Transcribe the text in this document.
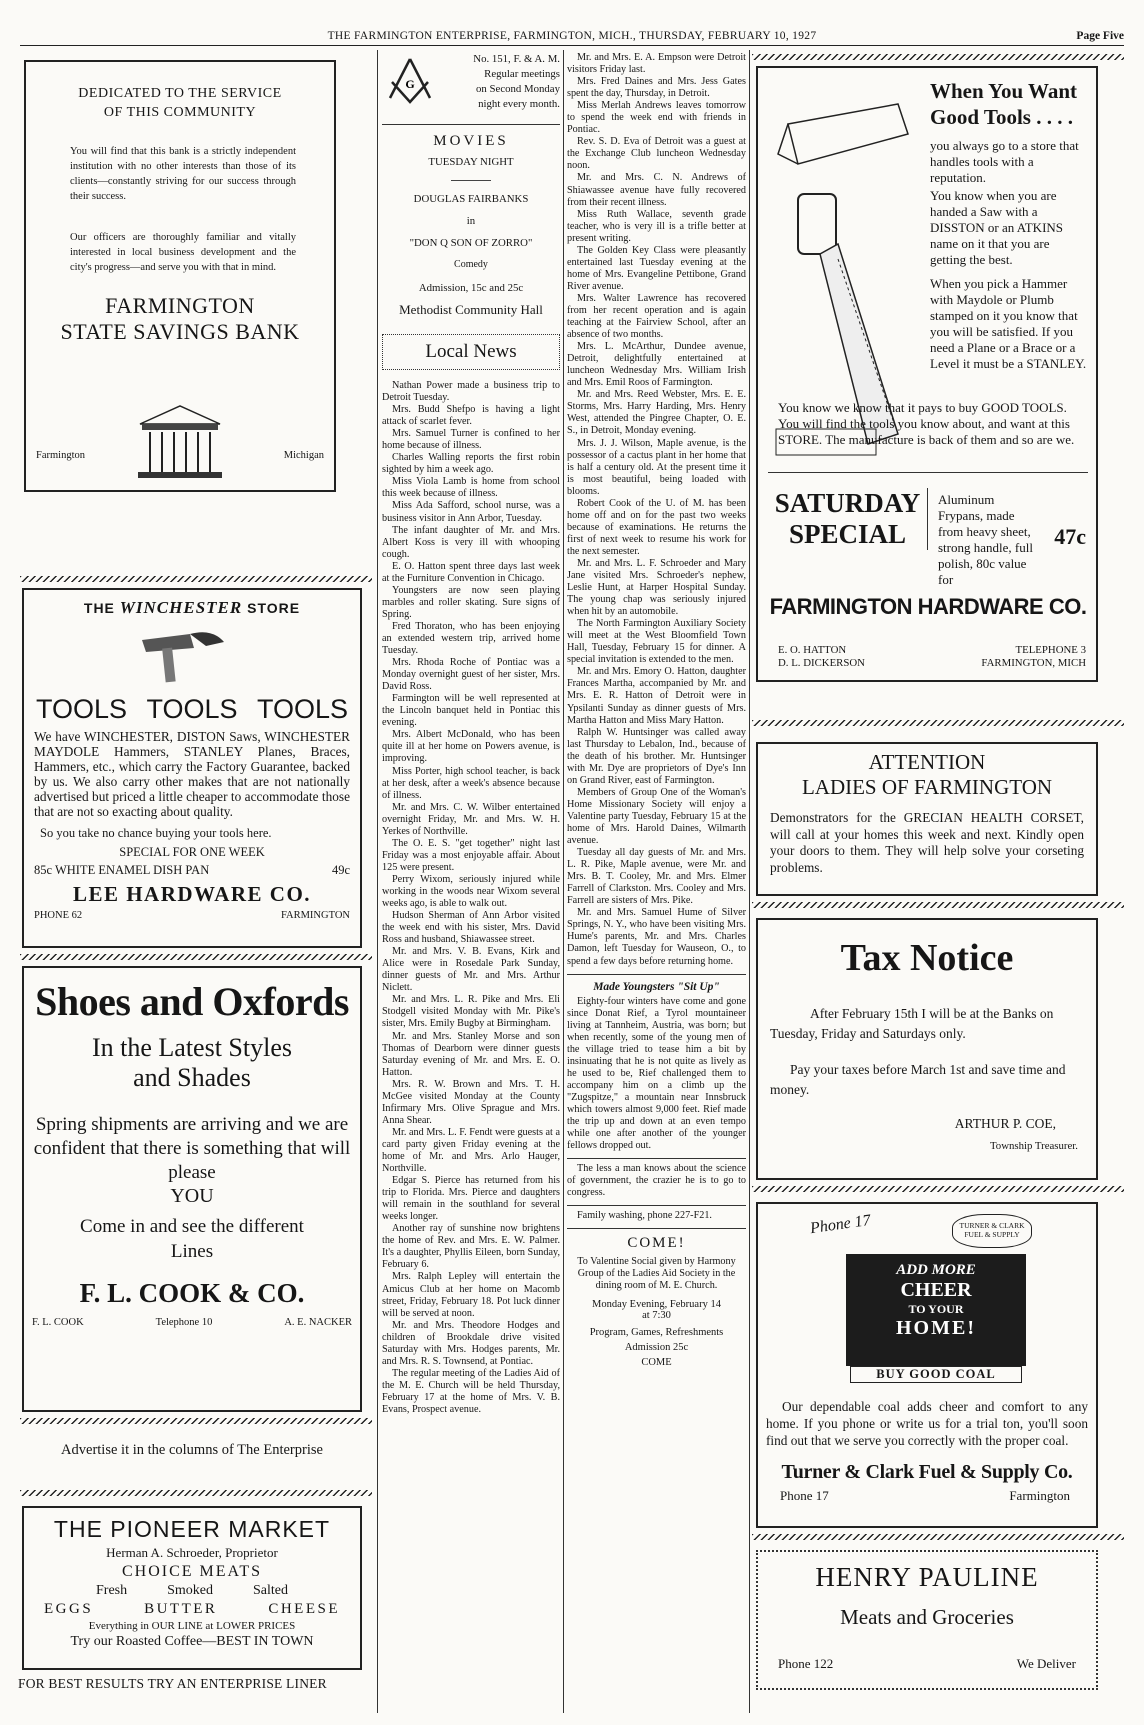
THE FARMINGTON ENTERPRISE, FARMINGTON, MICH., THURSDAY, FEBRUARY 10, 1927	Page Five
DEDICATED TO THE SERVICE OF THIS COMMUNITY
You will find that this bank is a strictly independent institution with no other interests than those of its clients—constantly striving for our success through their success.
Our officers are thoroughly familiar and vitally interested in local business development and the city's progress—and serve you with that in mind.
FARMINGTON
STATE SAVINGS BANK
Farmington	Michigan
THE WINCHESTER STORE
TOOLS TOOLS TOOLS
We have WINCHESTER, DISTON Saws, WINCHESTER MAYDOLE Hammers, STANLEY Planes, Braces, Hammers, etc., which carry the Factory Guarantee, backed by us. We also carry other makes that are not nationally advertised but priced a little cheaper to accommodate those that are not so exacting about quality.
So you take no chance buying your tools here.
SPECIAL FOR ONE WEEK
85c WHITE ENAMEL DISH PAN	49c
LEE HARDWARE CO.
PHONE 62	FARMINGTON
Shoes and Oxfords
In the Latest Styles
and Shades
Spring shipments are arriving and we are confident that there is something that will please
YOU
Come in and see the different Lines
F. L. COOK & CO.
F. L. COOK	Telephone 10	A. E. NACKER
Advertise it in the columns of The Enterprise
THE PIONEER MARKET
Herman A. Schroeder, Proprietor
CHOICE MEATS
Fresh	Smoked	Salted
EGGS	BUTTER	CHEESE
Everything in OUR LINE at LOWER PRICES
Try our Roasted Coffee—BEST IN TOWN
FOR BEST RESULTS TRY AN ENTERPRISE LINER
G
No. 151, F. & A. M.
Regular meetings
on Second Monday
night every month.
MOVIES
TUESDAY NIGHT
DOUGLAS FAIRBANKS
in
"DON Q SON OF ZORRO"
Comedy
Admission, 15c and 25c
Methodist Community Hall
Local News

Nathan Power made a business trip to Detroit Tuesday.

Mrs. Budd Shefpo is having a light attack of scarlet fever.

Mrs. Samuel Turner is confined to her home because of illness.

Charles Walling reports the first robin sighted by him a week ago.

Miss Viola Lamb is home from school this week because of illness.

Miss Ada Safford, school nurse, was a business visitor in Ann Arbor, Tuesday.

The infant daughter of Mr. and Mrs. Albert Koss is very ill with whooping cough.

E. O. Hatton spent three days last week at the Furniture Convention in Chicago.

Youngsters are now seen playing marbles and roller skating. Sure signs of Spring.

Fred Thoraton, who has been enjoying an extended western trip, arrived home Tuesday.

Mrs. Rhoda Roche of Pontiac was a Monday overnight guest of her sister, Mrs. David Ross.

Farmington will be well represented at the Lincoln banquet held in Pontiac this evening.

Mrs. Albert McDonald, who has been quite ill at her home on Powers avenue, is improving.

Miss Porter, high school teacher, is back at her desk, after a week's absence because of illness.

Mr. and Mrs. C. W. Wilber entertained overnight Friday, Mr. and Mrs. W. H. Yerkes of Northville.

The O. E. S. "get together" night last Friday was a most enjoyable affair. About 125 were present.

Perry Wixom, seriously injured while working in the woods near Wixom several weeks ago, is able to walk out.

Hudson Sherman of Ann Arbor visited the week end with his sister, Mrs. David Ross and husband, Shiawassee street.

Mr. and Mrs. V. B. Evans, Kirk and Alice were in Rosedale Park Sunday, dinner guests of Mr. and Mrs. Arthur Niclett.

Mr. and Mrs. L. R. Pike and Mrs. Eli Stodgell visited Monday with Mr. Pike's sister, Mrs. Emily Bugby at Birmingham.

Mr. and Mrs. Stanley Morse and son Thomas of Dearborn were dinner guests Saturday evening of Mr. and Mrs. E. O. Hatton.

Mrs. R. W. Brown and Mrs. T. H. McGee visited Monday at the County Infirmary Mrs. Olive Sprague and Mrs. Anna Shear.

Mr. and Mrs. L. F. Fendt were guests at a card party given Friday evening at the home of Mr. and Mrs. Arlo Hauger, Northville.

Edgar S. Pierce has returned from his trip to Florida. Mrs. Pierce and daughters will remain in the southland for several weeks longer.

Another ray of sunshine now brightens the home of Rev. and Mrs. E. W. Palmer. It's a daughter, Phyllis Eileen, born Sunday, February 6.

Mrs. Ralph Lepley will entertain the Amicus Club at her home on Macomb street, Friday, February 18. Pot luck dinner will be served at noon.

Mr. and Mrs. Theodore Hodges and children of Brookdale drive visited Saturday with Mrs. Hodges parents, Mr. and Mrs. R. S. Townsend, at Pontiac.

The regular meeting of the Ladies Aid of the M. E. Church will be held Thursday, February 17 at the home of Mrs. V. B. Evans, Prospect avenue.

Mr. and Mrs. E. A. Empson were Detroit visitors Friday last.

Mrs. Fred Daines and Mrs. Jess Gates spent the day, Thursday, in Detroit.

Miss Merlah Andrews leaves tomorrow to spend the week end with friends in Pontiac.

Rev. S. D. Eva of Detroit was a guest at the Exchange Club luncheon Wednesday noon.

Mr. and Mrs. C. N. Andrews of Shiawassee avenue have fully recovered from their recent illness.

Miss Ruth Wallace, seventh grade teacher, who is very ill is a trifle better at present writing.

The Golden Key Class were pleasantly entertained last Tuesday evening at the home of Mrs. Evangeline Pettibone, Grand River avenue.

Mrs. Walter Lawrence has recovered from her recent operation and is again teaching at the Fairview School, after an absence of two months.

Mrs. L. McArthur, Dundee avenue, Detroit, delightfully entertained at luncheon Wednesday Mrs. William Irish and Mrs. Emil Roos of Farmington.

Mr. and Mrs. Reed Webster, Mrs. E. E. Storms, Mrs. Harry Harding, Mrs. Henry West, attended the Pingree Chapter, O. E. S., in Detroit, Monday evening.

Mrs. J. J. Wilson, Maple avenue, is the possessor of a cactus plant in her home that is half a century old. At the present time it is most beautiful, being loaded with blooms.

Robert Cook of the U. of M. has been home off and on for the past two weeks because of examinations. He returns the first of next week to resume his work for the next semester.

Mr. and Mrs. L. F. Schroeder and Mary Jane visited Mrs. Schroeder's nephew, Leslie Hunt, at Harper Hospital Sunday. The young chap was seriously injured when hit by an automobile.

The North Farmington Auxiliary Society will meet at the West Bloomfield Town Hall, Tuesday, February 15 for dinner. A special invitation is extended to the men.

Mr. and Mrs. Emory O. Hatton, daughter Frances Martha, accompanied by Mr. and Mrs. E. R. Hatton of Detroit were in Ypsilanti Sunday as dinner guests of Mrs. Martha Hatton and Miss Mary Hatton.

Ralph W. Huntsinger was called away last Thursday to Lebalon, Ind., because of the death of his brother. Mr. Huntsinger with Mr. Dye are proprietors of Dye's Inn on Grand River, east of Farmington.

Members of Group One of the Woman's Home Missionary Society will enjoy a Valentine party Tuesday, February 15 at the home of Mrs. Harold Daines, Wilmarth avenue.

Tuesday all day guests of Mr. and Mrs. L. R. Pike, Maple avenue, were Mr. and Mrs. B. T. Cooley, Mr. and Mrs. Elmer Farrell of Clarkston. Mrs. Cooley and Mrs. Farrell are sisters of Mrs. Pike.

Mr. and Mrs. Samuel Hume of Silver Springs, N. Y., who have been visiting Mrs. Hume's parents, Mr. and Mrs. Charles Damon, left Tuesday for Wauseon, O., to spend a few days before returning home.

Made Youngsters "Sit Up"

Eighty-four winters have come and gone since Donat Rief, a Tyrol mountaineer living at Tannheim, Austria, was born; but when recently, some of the young men of the village tried to tease him a bit by insinuating that he is not quite as lively as he used to be, Rief challenged them to accompany him on a climb up the "Zugspitze," a mountain near Innsbruck which towers almost 9,000 feet. Rief made the trip up and down at an even tempo while one after another of the younger fellows dropped out.

The less a man knows about the science of government, the crazier he is to go to congress.

Family washing, phone 227-F21.

COME!
To Valentine Social given by Harmony Group of the Ladies Aid Society in the dining room of M. E. Church.
Monday Evening, February 14
at 7:30
Program, Games, Refreshments
Admission 25c
COME
When You Want
Good Tools . . . .
you always go to a store that handles tools with a reputation.
You know when you are handed a Saw with a DISSTON or an ATKINS name on it that you are getting the best.
When you pick a Hammer with Maydole or Plumb stamped on it you know that you will be satisfied. If you need a Plane or a Brace or a Level it must be a STANLEY.
You know we know that it pays to buy GOOD TOOLS. You will find the tools you know about, and want at this STORE. The manufacture is back of them and so are we.
SATURDAY
SPECIAL
Aluminum Frypans, made from heavy sheet, strong handle, full polish, 80c value for
47c
FARMINGTON HARDWARE CO.
E. O. HATTON
D. L. DICKERSON
TELEPHONE 3
FARMINGTON, MICH
ATTENTION
LADIES OF FARMINGTON
Demonstrators for the GRECIAN HEALTH CORSET, will call at your homes this week and next. Kindly open your doors to them. They will help solve your corseting problems.
Tax Notice
After February 15th I will be at the Banks on Tuesday, Friday and Saturdays only.
Pay your taxes before March 1st and save time and money.
ARTHUR P. COE,
Township Treasurer.
Phone 17	TURNER & CLARK FUEL & SUPPLY
ADD MORE
CHEER
TO YOUR
HOME!
BUY GOOD COAL
Our dependable coal adds cheer and comfort to any home. If you phone or write us for a trial ton, you'll soon find out that we serve you correctly with the proper coal.
Turner & Clark Fuel & Supply Co.
Phone 17	Farmington
HENRY PAULINE
Meats and Groceries
Phone 122	We Deliver
